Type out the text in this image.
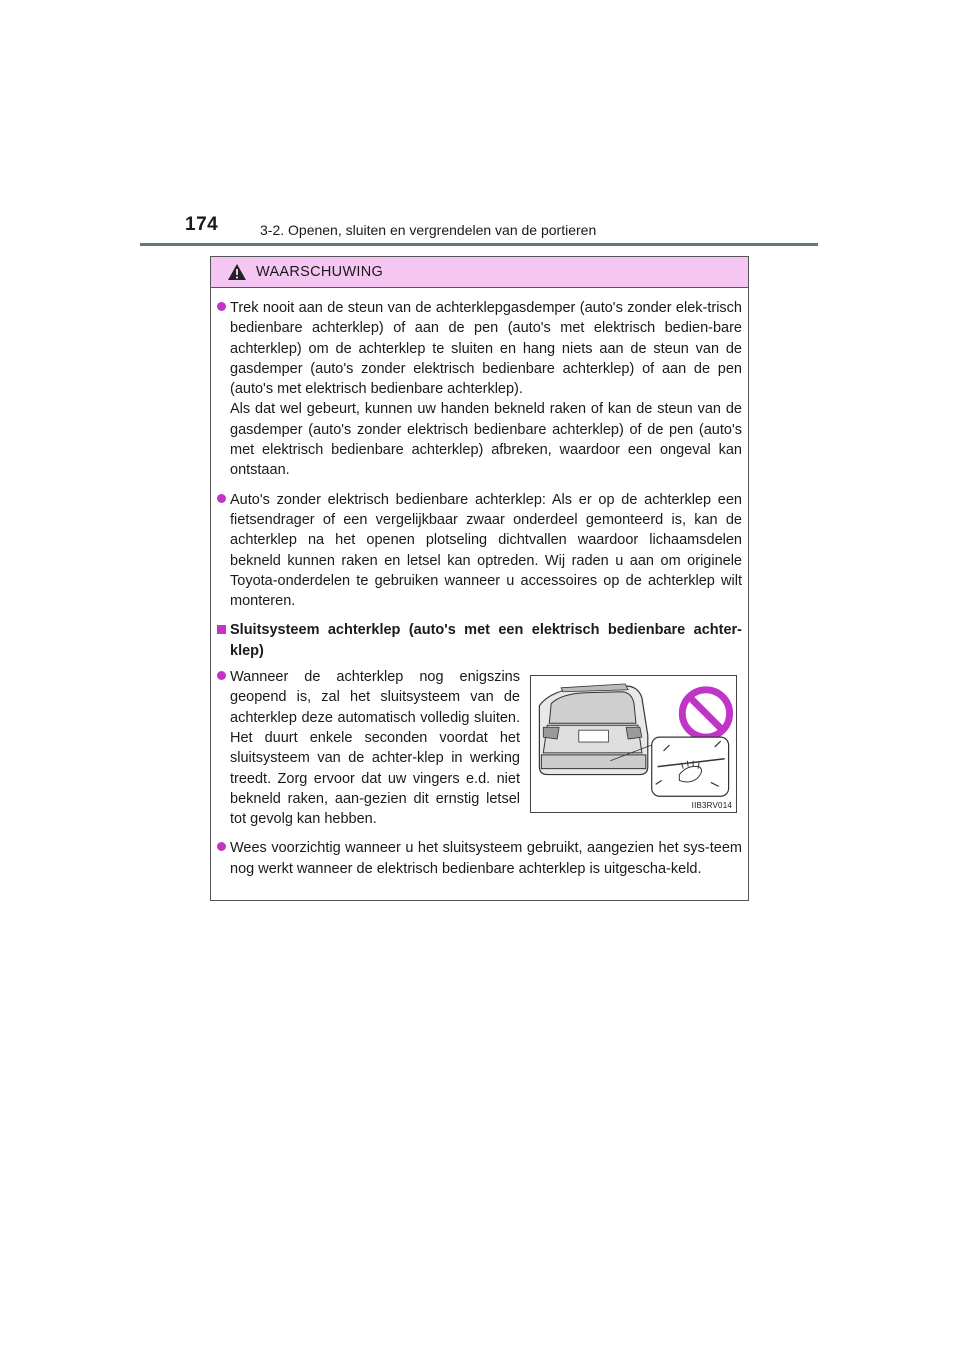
174	3-2. Openen, sluiten en vergrendelen van de portieren
WAARSCHUWING

Trek nooit aan de steun van de achterklepgasdemper (auto's zonder elek-trisch bedienbare achterklep) of aan de pen (auto's met elektrisch bedien-bare achterklep) om de achterklep te sluiten en hang niets aan de steun van de gasdemper (auto's zonder elektrisch bedienbare achterklep) of aan de pen (auto's met elektrisch bedienbare achterklep).

Als dat wel gebeurt, kunnen uw handen bekneld raken of kan de steun van de gasdemper (auto's zonder elektrisch bedienbare achterklep) of de pen (auto's met elektrisch bedienbare achterklep) afbreken, waardoor een ongeval kan ontstaan.

Auto's zonder elektrisch bedienbare achterklep: Als er op de achterklep een fietsendrager of een vergelijkbaar zwaar onderdeel gemonteerd is, kan de achterklep na het openen plotseling dichtvallen waardoor lichaamsdelen bekneld kunnen raken en letsel kan optreden. Wij raden u aan om originele Toyota-onderdelen te gebruiken wanneer u accessoires op de achterklep wilt monteren.
Sluitsysteem achterklep (auto's met een elektrisch bedienbare achter-klep)
Wanneer de achterklep nog enigszins geopend is, zal het sluitsysteem van de achterklep deze automatisch volledig sluiten. Het duurt enkele seconden voordat het sluitsysteem van de achter-klep in werking treedt. Zorg ervoor dat uw vingers e.d. niet bekneld raken, aan-gezien dit ernstig letsel tot gevolg kan hebben.
IIB3RV014
Wees voorzichtig wanneer u het sluitsysteem gebruikt, aangezien het sys-teem nog werkt wanneer de elektrisch bedienbare achterklep is uitgescha-keld.
